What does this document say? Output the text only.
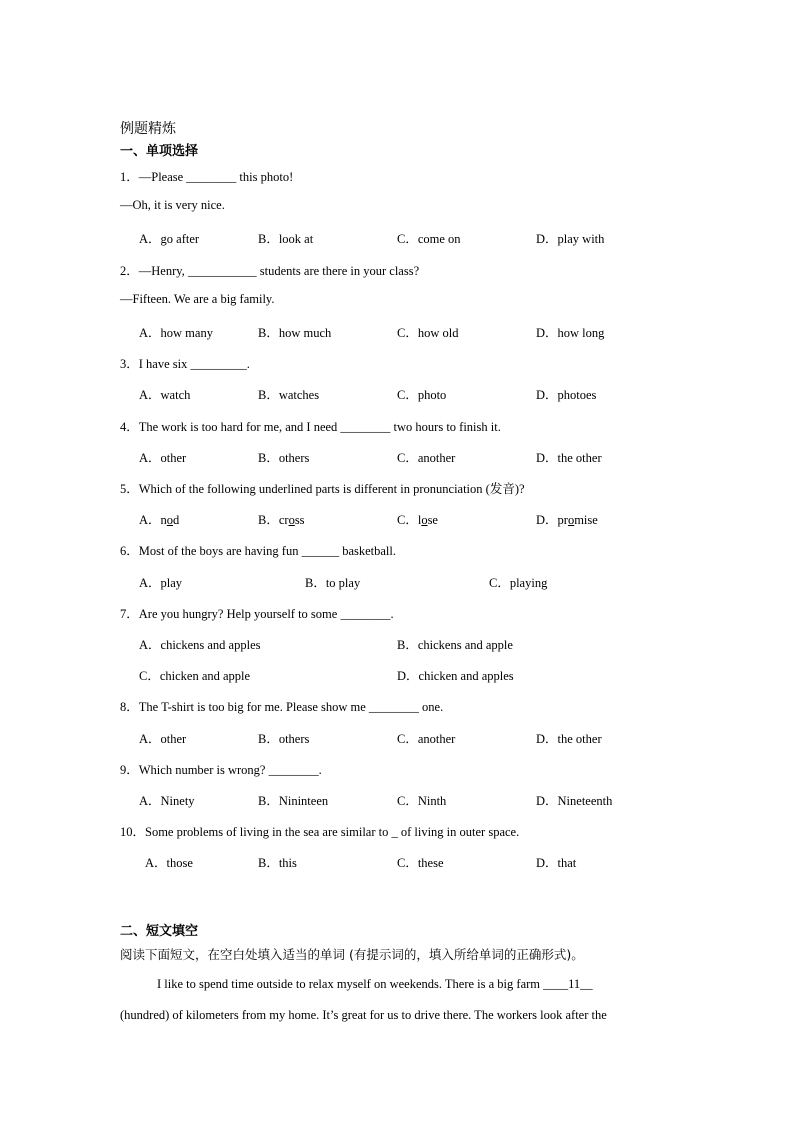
例题精炼
一、单项选择
1．—Please ________ this photo!
—Oh, it is very nice.
A．go after	B．look at	C．come on	D．play with
2．—Henry, ___________ students are there in your class?
—Fifteen. We are a big family.
A．how many	B．how much	C．how old	D．how long
3．I have six _________.
A．watch	B．watches	C．photo	D．photoes
4．The work is too hard for me, and I need ________ two hours to finish it.
A．other	B．others	C．another	D．the other
5．Which of the following underlined parts is different in pronunciation (发音)?
A．nod	B．cross	C．lose	D．promise
6．Most of the boys are having fun ______ basketball.
A．play	B．to play	C．playing
7．Are you hungry? Help yourself to some ________.
A．chickens and apples	B．chickens and apple
C．chicken and apple	D．chicken and apples
8．The T-shirt is too big for me. Please show me ________ one.
A．other	B．others	C．another	D．the other
9．Which number is wrong? ________.
A．Ninety	B．Nininteen	C．Ninth	D．Nineteenth
10．Some problems of living in the sea are similar to _ of living in outer space.
A．those	B．this	C．these	D．that
二、短文填空
阅读下面短文，在空白处填入适当的单词 (有提示词的，填入所给单词的正确形式)。
I like to spend time outside to relax myself on weekends. There is a big farm ____11__
(hundred) of kilometers from my home. It’s great for us to drive there. The workers look after the
